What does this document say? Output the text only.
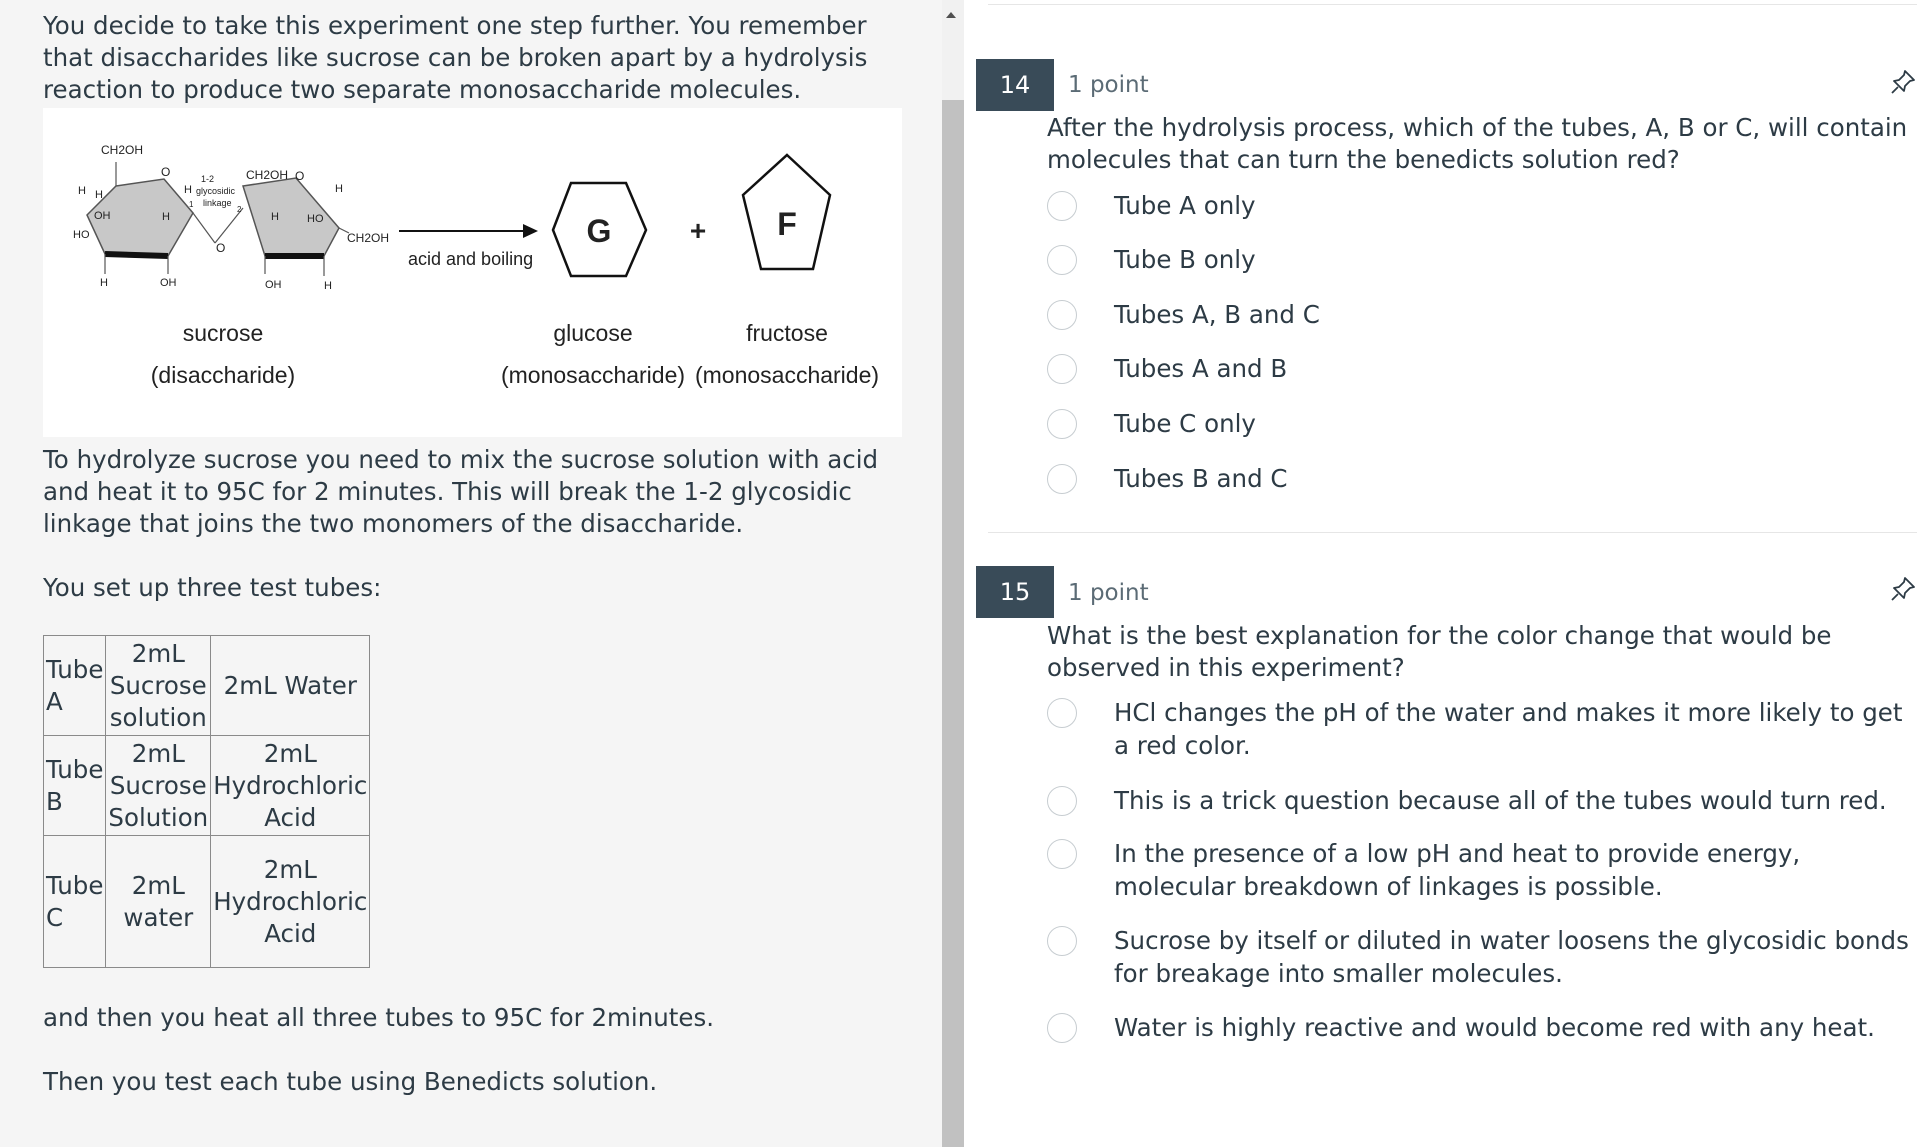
You decide to take this experiment one step further. You remember that disaccharides like sucrose can be broken apart by a hydrolysis reaction to produce two separate monosaccharide molecules.

CH2OH
O	1-2
glycosidic
linkage
H
1
2
CH2OH O
H
H H
OH	H	H	HO
HO
O
CH2OH
H	OH	OH	H
acid and boiling
G	+ F
sucrose
(disaccharide)
glucose
(monosaccharide)
fructose
(monosaccharide)

To hydrolyze sucrose you need to mix the sucrose solution with acid and heat it to 95C for 2 minutes. This will break the 1-2 glycosidic linkage that joins the two monomers of the disaccharide.

You set up three test tubes:

Tube A	2mL Sucrose solution	2mL Water
Tube B	2mL Sucrose Solution	2mL Hydrochloric Acid
Tube C	2mL water	2mL Hydrochloric Acid

and then you heat all three tubes to 95C for 2minutes.

Then you test each tube using Benedicts solution.

14	1 point

After the hydrolysis process, which of the tubes, A, B or C, will contain molecules that can turn the benedicts solution red?

Tube A only
Tube B only
Tubes A, B and C
Tubes A and B
Tube C only
Tubes B and C
15	1 point

What is the best explanation for the color change that would be observed in this experiment?

HCl changes the pH of the water and makes it more likely to get a red color.
This is a trick question because all of the tubes would turn red.
In the presence of a low pH and heat to provide energy, molecular breakdown of linkages is possible.
Sucrose by itself or diluted in water loosens the glycosidic bonds for breakage into smaller molecules.
Water is highly reactive and would become red with any heat.
